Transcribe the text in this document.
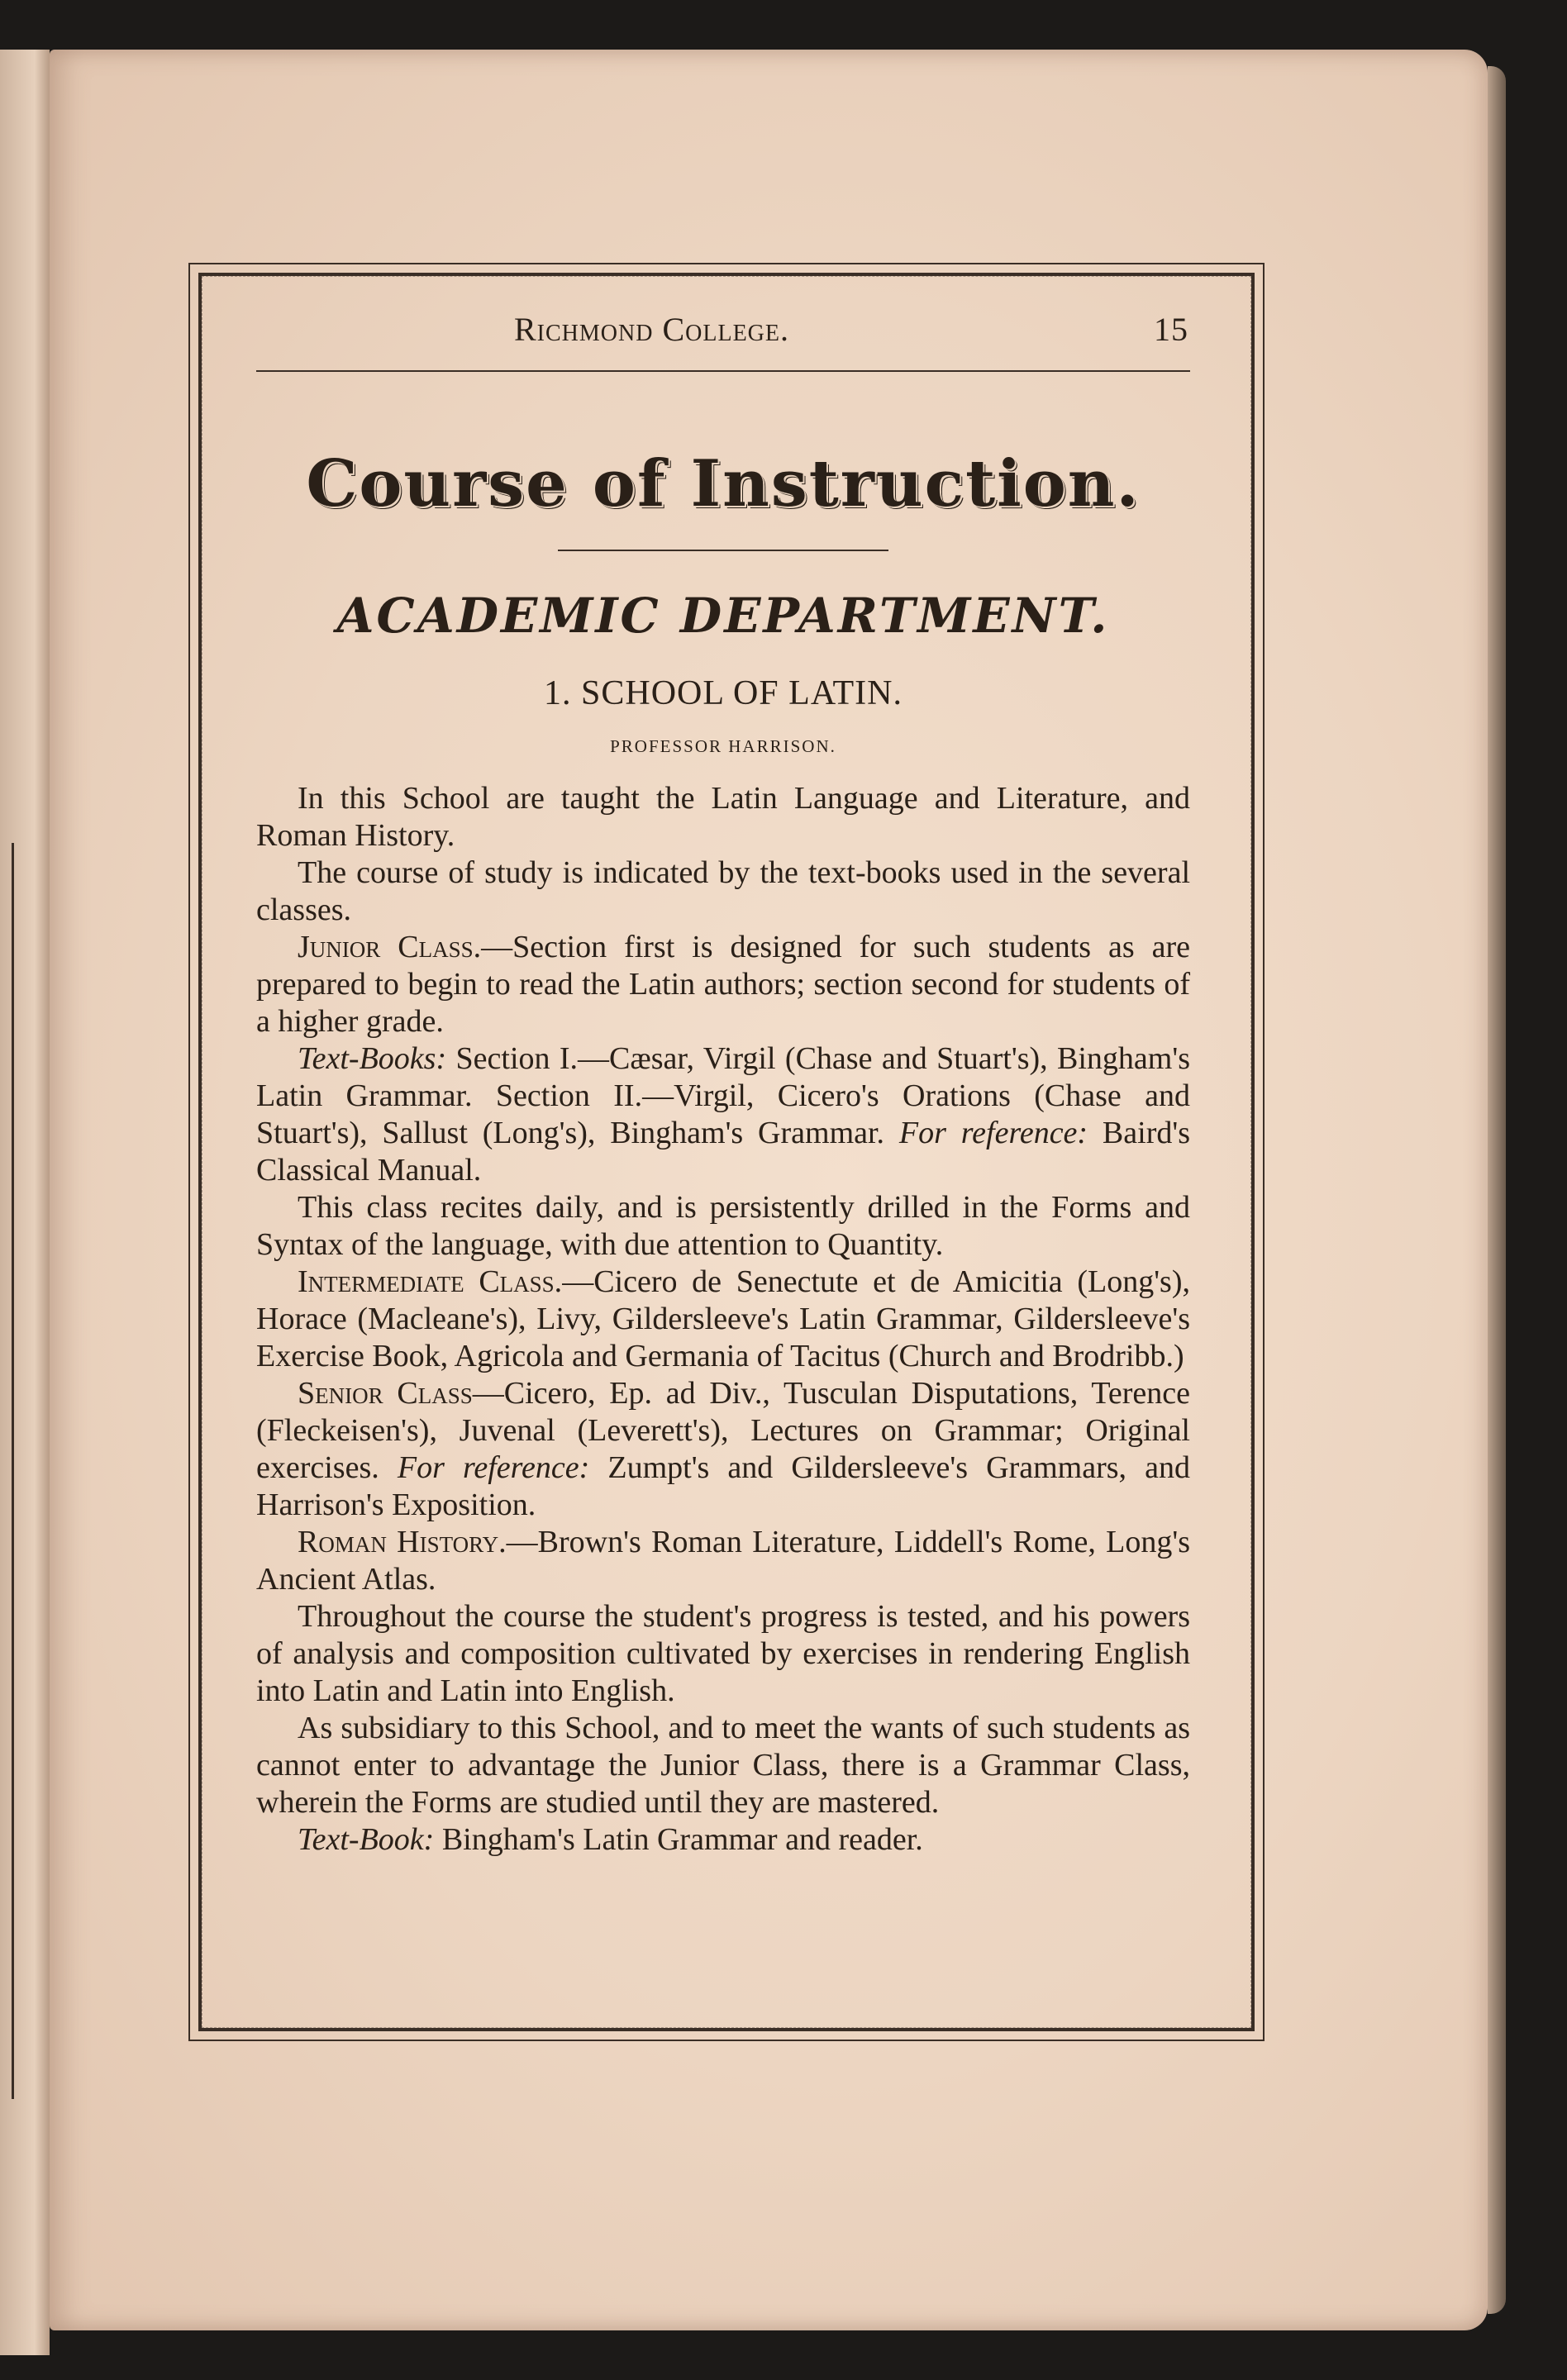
Richmond College.	15
Course of Instruction.
ACADEMIC DEPARTMENT.
1. SCHOOL OF LATIN.
PROFESSOR HARRISON.

In this School are taught the Latin Language and Literature, and Roman History.

The course of study is indicated by the text-books used in the several classes.

Junior Class.—Section first is designed for such students as are prepared to begin to read the Latin authors; section second for students of a higher grade.

Text-Books: Section I.—Cæsar, Virgil (Chase and Stuart's), Bingham's Latin Grammar. Section II.—Virgil, Cicero's Orations (Chase and Stuart's), Sallust (Long's), Bingham's Grammar. For reference: Baird's Classical Manual.

This class recites daily, and is persistently drilled in the Forms and Syntax of the language, with due attention to Quantity.

Intermediate Class.—Cicero de Senectute et de Amicitia (Long's), Horace (Macleane's), Livy, Gildersleeve's Latin Grammar, Gildersleeve's Exercise Book, Agricola and Germania of Tacitus (Church and Brodribb.)

Senior Class—Cicero, Ep. ad Div., Tusculan Disputations, Terence (Fleckeisen's), Juvenal (Leverett's), Lectures on Grammar; Original exercises. For reference: Zumpt's and Gildersleeve's Grammars, and Harrison's Exposition.

Roman History.—Brown's Roman Literature, Liddell's Rome, Long's Ancient Atlas.

Throughout the course the student's progress is tested, and his powers of analysis and composition cultivated by exercises in rendering English into Latin and Latin into English.

As subsidiary to this School, and to meet the wants of such students as cannot enter to advantage the Junior Class, there is a Grammar Class, wherein the Forms are studied until they are mastered.

Text-Book: Bingham's Latin Grammar and reader.
